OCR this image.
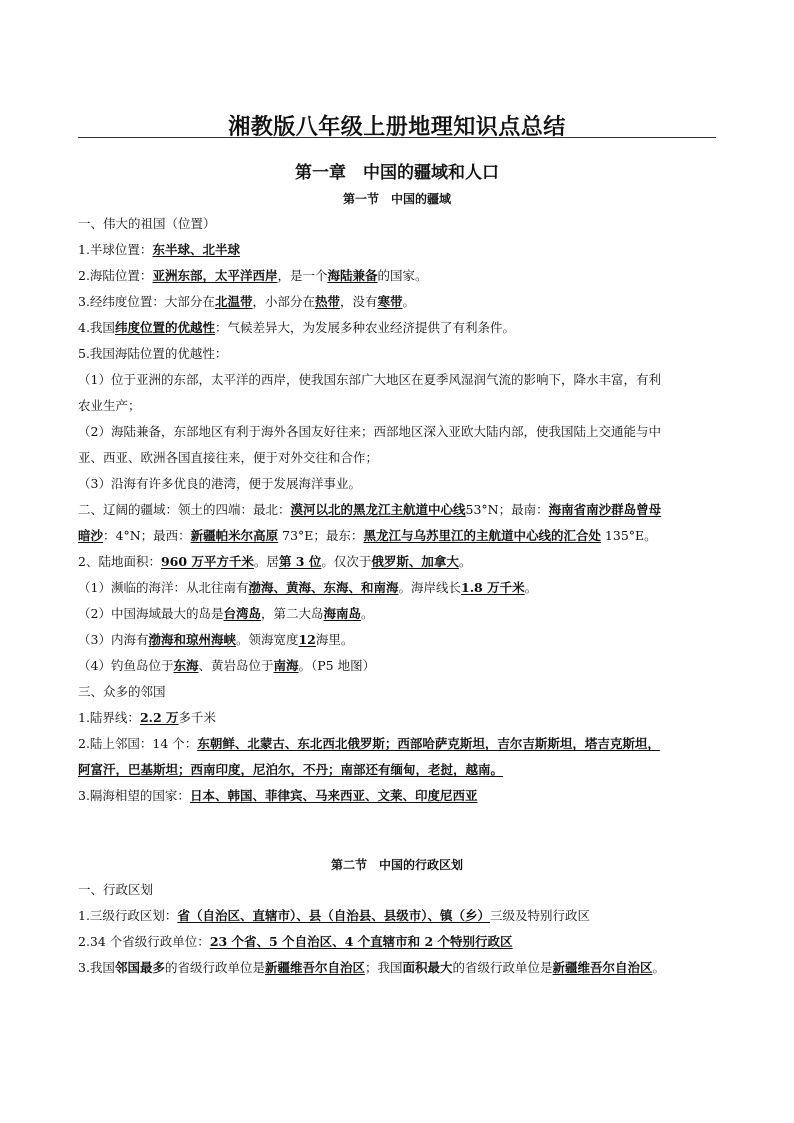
湘教版八年级上册地理知识点总结
第一章　中国的疆域和人口
第一节　中国的疆域
一、伟大的祖国（位置）
1.半球位置：东半球、北半球
2.海陆位置：亚洲东部，太平洋西岸，是一个海陆兼备的国家。
3.经纬度位置：大部分在北温带，小部分在热带，没有寒带。
4.我国纬度位置的优越性：气候差异大，为发展多种农业经济提供了有利条件。
5.我国海陆位置的优越性：
（1）位于亚洲的东部，太平洋的西岸，使我国东部广大地区在夏季风湿润气流的影响下，降水丰富，有利
农业生产；
（2）海陆兼备，东部地区有利于海外各国友好往来；西部地区深入亚欧大陆内部，使我国陆上交通能与中
亚、西亚、欧洲各国直接往来，便于对外交往和合作；
（3）沿海有许多优良的港湾，便于发展海洋事业。
二、辽阔的疆域：领土的四端：最北：漠河以北的黑龙江主航道中心线53°N；最南：海南省南沙群岛曾母
暗沙：4°N；最西：新疆帕米尔高原 73°E；最东：黑龙江与乌苏里江的主航道中心线的汇合处 135°E。
2、陆地面积：960 万平方千米。居第 3 位。仅次于俄罗斯、加拿大。
（1）濒临的海洋：从北往南有渤海、黄海、东海、和南海。海岸线长1.8 万千米。
（2）中国海域最大的岛是台湾岛，第二大岛海南岛。
（3）内海有渤海和琼州海峡。领海宽度12海里。
（4）钓鱼岛位于东海、黄岩岛位于南海。（P5 地图）
三、众多的邻国
1.陆界线：2.2 万多千米
2.陆上邻国：14 个：东朝鲜、北蒙古、东北西北俄罗斯；西部哈萨克斯坦，吉尔吉斯斯坦，塔吉克斯坦，
阿富汗，巴基斯坦；西南印度，尼泊尔，不丹；南部还有缅甸，老挝，越南。
3.隔海相望的国家：日本、韩国、菲律宾、马来西亚、文莱、印度尼西亚
第二节　中国的行政区划
一、行政区划
1.三级行政区划：省（自治区、直辖市）、县（自治县、县级市）、镇（乡）三级及特别行政区
2.34 个省级行政单位：23 个省、5 个自治区、4 个直辖市和 2 个特别行政区
3.我国邻国最多的省级行政单位是新疆维吾尔自治区；我国面积最大的省级行政单位是新疆维吾尔自治区。
